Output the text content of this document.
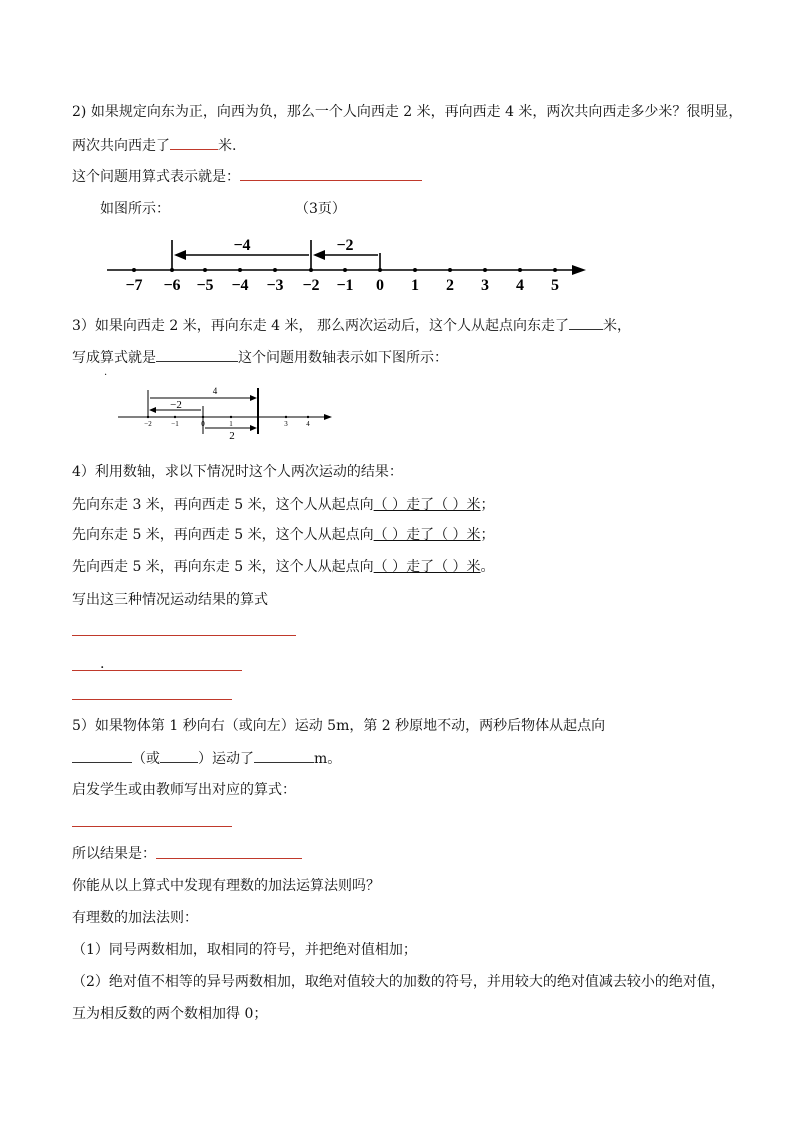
2) 如果规定向东为正，向西为负，那么一个人向西走 2 米，再向西走 4 米，两次共向西走多少米？很明显，
两次共向西走了	米.
这个问题用算式表示就是：
如图所示：	（3页）
−4	−2
−7 −6 −5 −4 −3 −2 −1 0 1 2 3 4 5
3）如果向西走 2 米，再向东走 4 米， 那么两次运动后，这个人从起点向东走了 米，
写成算式就是	这个问题用数轴表示如下图所示：
.
4
−2
2
−2	−1	0	1	3	4
4）利用数轴，求以下情况时这个人两次运动的结果：
先向东走 3 米，再向西走 5 米，这个人从起点向（ ）走了（ ）米；
先向东走 5 米，再向西走 5 米，这个人从起点向（ ）走了（ ）米；
先向西走 5 米，再向东走 5 米，这个人从起点向（ ）走了（ ）米。
写出这三种情况运动结果的算式
.
5）如果物体第 1 秒向右（或向左）运动 5m，第 2 秒原地不动，两秒后物体从起点向
（或	）运动了	m。
启发学生或由教师写出对应的算式：
所以结果是：
你能从以上算式中发现有理数的加法运算法则吗？
有理数的加法法则：
（1）同号两数相加，取相同的符号，并把绝对值相加；
（2）绝对值不相等的异号两数相加，取绝对值较大的加数的符号，并用较大的绝对值减去较小的绝对值，
互为相反数的两个数相加得 0；
